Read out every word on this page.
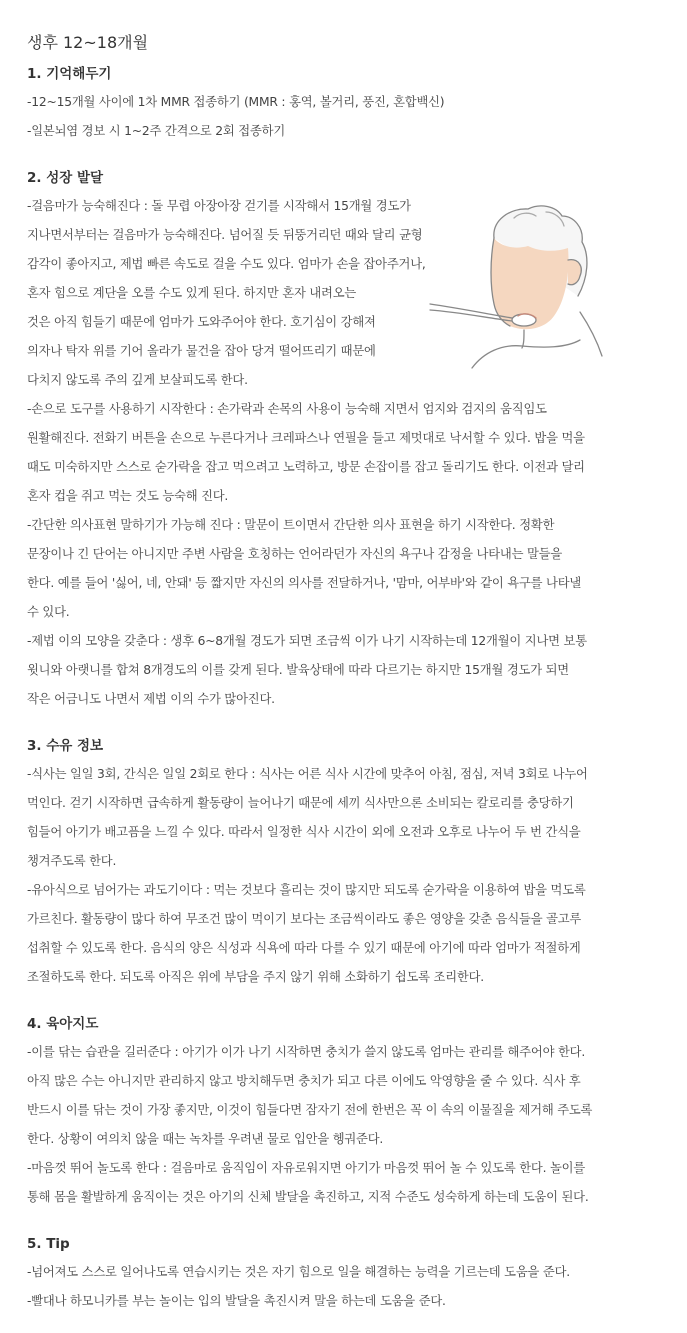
생후 12~18개월
1. 기억해두기
-12~15개월 사이에 1차 MMR 접종하기 (MMR : 홍역, 볼거리, 풍진, 혼합백신)
-일본뇌염 경보 시 1~2주 간격으로 2회 접종하기
2. 성장 발달
-걸음마가 능숙해진다 : 돌 무렵 아장아장 걷기를 시작해서 15개월 경도가
지나면서부터는 걸음마가 능숙해진다. 넘어질 듯 뒤뚱거리던 때와 달리 균형
감각이 좋아지고, 제법 빠른 속도로 걸을 수도 있다. 엄마가 손을 잡아주거나,
혼자 힘으로 계단을 오를 수도 있게 된다. 하지만 혼자 내려오는
것은 아직 힘들기 때문에 엄마가 도와주어야 한다. 호기심이 강해져
의자나 탁자 위를 기어 올라가 물건을 잡아 당겨 떨어뜨리기 때문에
다치지 않도록 주의 깊게 보살피도록 한다.
-손으로 도구를 사용하기 시작한다 : 손가락과 손목의 사용이 능숙해 지면서 엄지와 검지의 움직임도
원활해진다. 전화기 버튼을 손으로 누른다거나 크레파스나 연필을 들고 제멋대로 낙서할 수 있다. 밥을 먹을
때도 미숙하지만 스스로 숟가락을 잡고 먹으려고 노력하고, 방문 손잡이를 잡고 돌리기도 한다. 이전과 달리
혼자 컵을 쥐고 먹는 것도 능숙해 진다.
-간단한 의사표현 말하기가 가능해 진다 : 말문이 트이면서 간단한 의사 표현을 하기 시작한다. 정확한
문장이나 긴 단어는 아니지만 주변 사람을 호칭하는 언어라던가 자신의 욕구나 감정을 나타내는 말들을
한다. 예를 들어 '싫어, 네, 안돼' 등 짧지만 자신의 의사를 전달하거나, '맘마, 어부바'와 같이 욕구를 나타낼
수 있다.
-제법 이의 모양을 갖춘다 : 생후 6~8개월 경도가 되면 조금씩 이가 나기 시작하는데 12개월이 지나면 보통
윗니와 아랫니를 합쳐 8개경도의 이를 갖게 된다. 발육상태에 따라 다르기는 하지만 15개월 경도가 되면
작은 어금니도 나면서 제법 이의 수가 많아진다.
3. 수유 정보
-식사는 일일 3회, 간식은 일일 2회로 한다 : 식사는 어른 식사 시간에 맞추어 아침, 점심, 저녁 3회로 나누어
먹인다. 걷기 시작하면 급속하게 활동량이 늘어나기 때문에 세끼 식사만으론 소비되는 칼로리를 충당하기
힘들어 아기가 배고픔을 느낄 수 있다. 따라서 일정한 식사 시간이 외에 오전과 오후로 나누어 두 번 간식을
챙겨주도록 한다.
-유아식으로 넘어가는 과도기이다 : 먹는 것보다 흘리는 것이 많지만 되도록 숟가락을 이용하여 밥을 먹도록
가르친다. 활동량이 많다 하여 무조건 많이 먹이기 보다는 조금씩이라도 좋은 영양을 갖춘 음식들을 골고루
섭취할 수 있도록 한다. 음식의 양은 식성과 식욕에 따라 다를 수 있기 때문에 아기에 따라 엄마가 적절하게
조절하도록 한다. 되도록 아직은 위에 부담을 주지 않기 위해 소화하기 쉽도록 조리한다.
4. 육아지도
-이를 닦는 습관을 길러준다 : 아기가 이가 나기 시작하면 충치가 쓸지 않도록 엄마는 관리를 해주어야 한다.
아직 많은 수는 아니지만 관리하지 않고 방치해두면 충치가 되고 다른 이에도 악영향을 줄 수 있다. 식사 후
반드시 이를 닦는 것이 가장 좋지만, 이것이 힘들다면 잠자기 전에 한번은 꼭 이 속의 이물질을 제거해 주도록
한다. 상황이 여의치 않을 때는 녹차를 우려낸 물로 입안을 헹궈준다.
-마음껏 뛰어 놀도록 한다 : 걸음마로 움직임이 자유로워지면 아기가 마음껏 뛰어 놀 수 있도록 한다. 놀이를
통해 몸을 활발하게 움직이는 것은 아기의 신체 발달을 촉진하고, 지적 수준도 성숙하게 하는데 도움이 된다.
5. Tip
-넘어져도 스스로 일어나도록 연습시키는 것은 자기 힘으로 일을 해결하는 능력을 기르는데 도움을 준다.
-빨대나 하모니카를 부는 놀이는 입의 발달을 촉진시켜 말을 하는데 도움을 준다.
